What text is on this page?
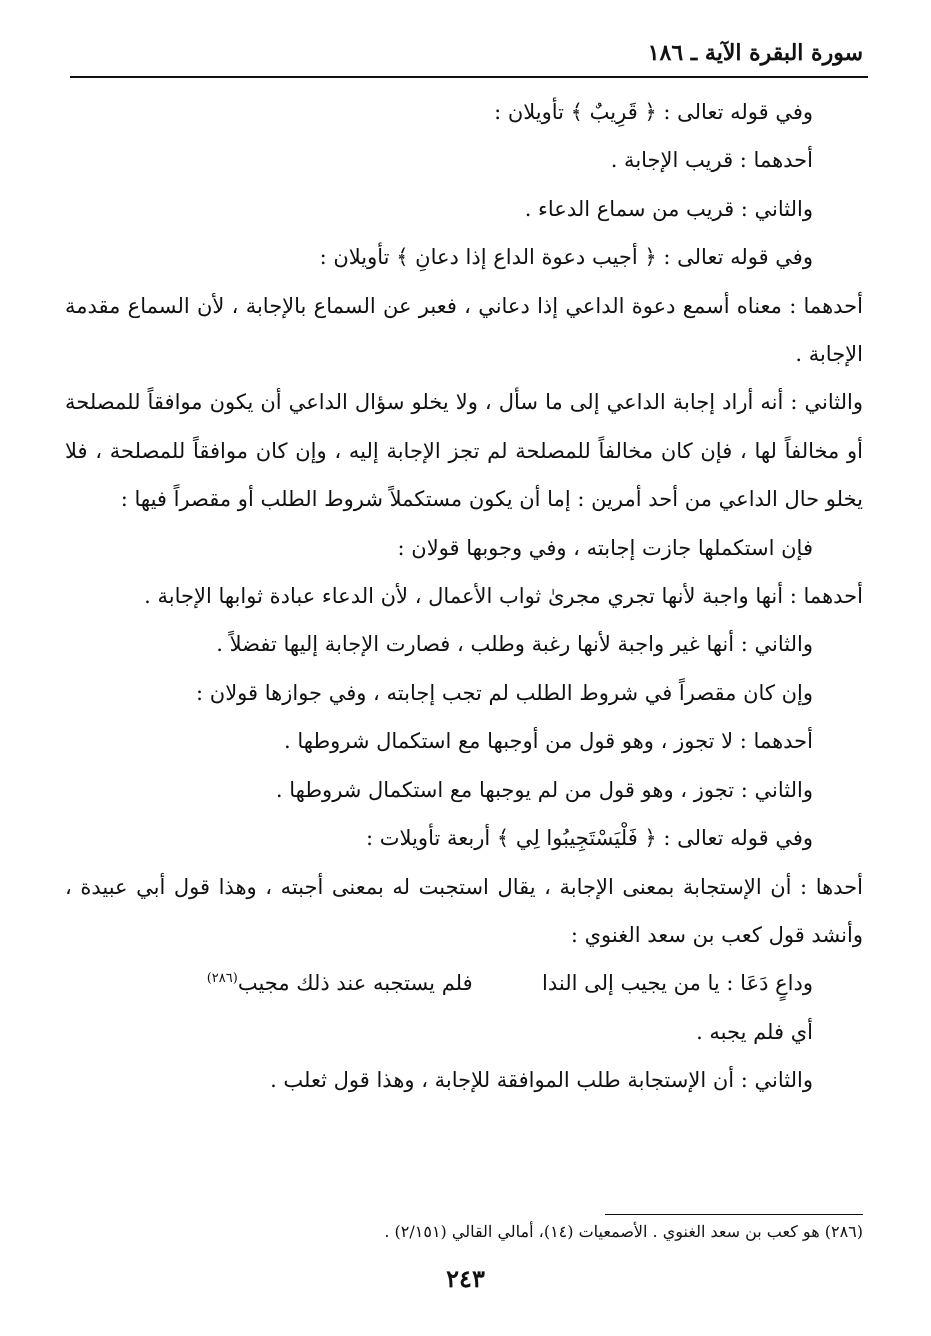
سورة البقرة الآية ـ ١٨٦

وفي قوله تعالى : ﴿ قَرِيبٌ ﴾ تأويلان :

أحدهما : قريب الإجابة .

والثاني : قريب من سماع الدعاء .

وفي قوله تعالى : ﴿ أجيب دعوة الداع إذا دعانِ ﴾ تأويلان :

أحدهما : معناه أسمع دعوة الداعي إذا دعاني ، فعبر عن السماع بالإجابة ، لأن السماع مقدمة الإجابة .

والثاني : أنه أراد إجابة الداعي إلى ما سأل ، ولا يخلو سؤال الداعي أن يكون موافقاً للمصلحة أو مخالفاً لها ، فإن كان مخالفاً للمصلحة لم تجز الإجابة إليه ، وإن كان موافقاً للمصلحة ، فلا يخلو حال الداعي من أحد أمرين : إما أن يكون مستكملاً شروط الطلب أو مقصراً فيها :

فإن استكملها جازت إجابته ، وفي وجوبها قولان :

أحدهما : أنها واجبة لأنها تجري مجرىٰ ثواب الأعمال ، لأن الدعاء عبادة ثوابها الإجابة .

والثاني : أنها غير واجبة لأنها رغبة وطلب ، فصارت الإجابة إليها تفضلاً .

وإن كان مقصراً في شروط الطلب لم تجب إجابته ، وفي جوازها قولان :

أحدهما : لا تجوز ، وهو قول من أوجبها مع استكمال شروطها .

والثاني : تجوز ، وهو قول من لم يوجبها مع استكمال شروطها .

وفي قوله تعالى : ﴿ فَلْيَسْتَجِيبُوا لِي ﴾ أربعة تأويلات :

أحدها : أن الإستجابة بمعنى الإجابة ، يقال استجبت له بمعنى أجبته ، وهذا قول أبي عبيدة ، وأنشد قول كعب بن سعد الغنوي :

وداعٍ دَعَا : يا من يجيب إلى الندا  فلم يستجبه عند ذلك مجيب$^{(٢٨٦)}$

أي فلم يجبه .

والثاني : أن الإستجابة طلب الموافقة للإجابة ، وهذا قول ثعلب .

(٢٨٦) هو كعب بن سعد الغنوي . الأصمعيات (١٤)، أمالي القالي (٢/١٥١) .
٢٤٣
